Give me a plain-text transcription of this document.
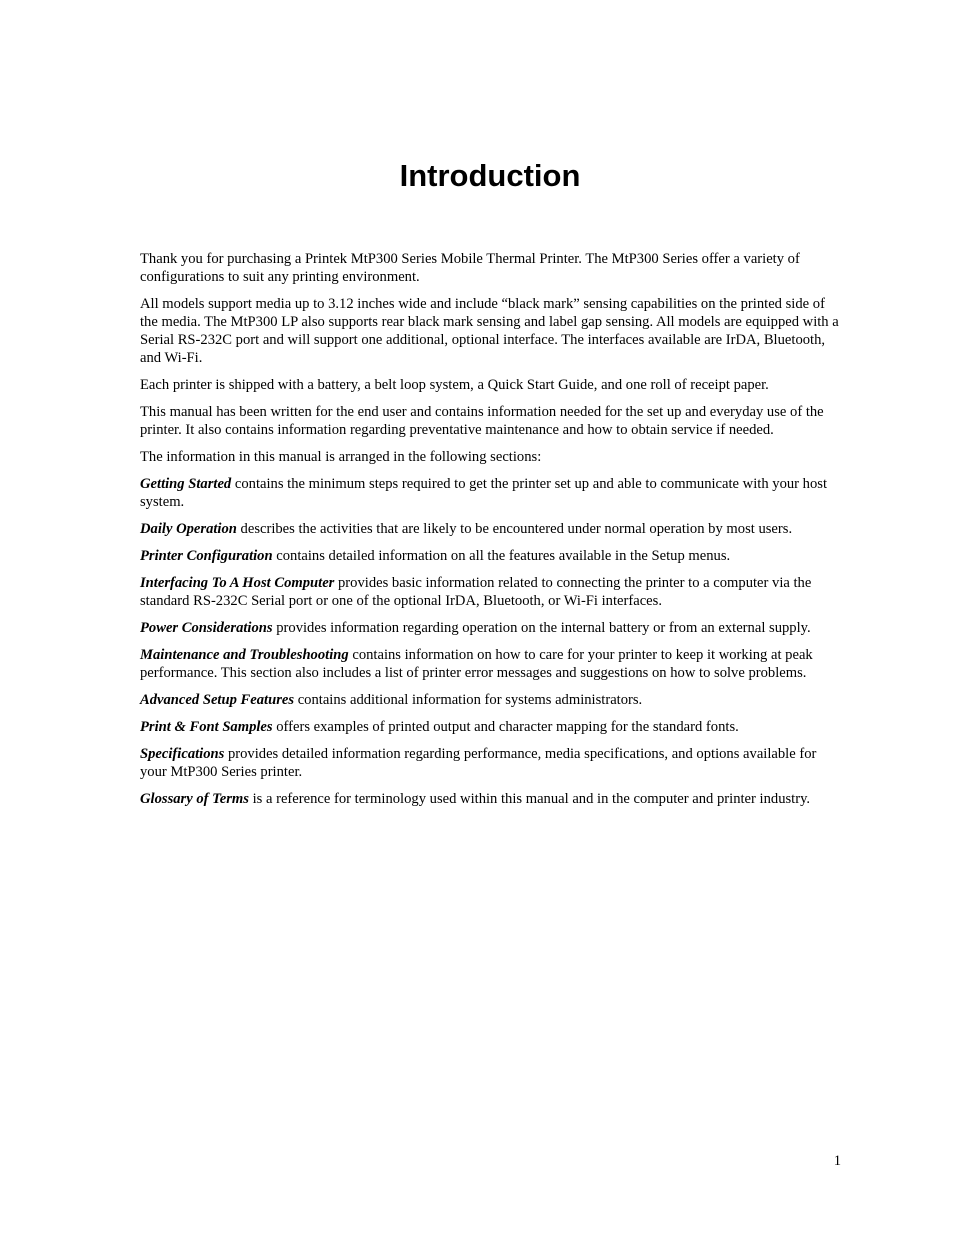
Introduction

Thank you for purchasing a Printek MtP300 Series Mobile Thermal Printer. The MtP300 Series offer a variety of configurations to suit any printing environment.

All models support media up to 3.12 inches wide and include “black mark” sensing capabilities on the printed side of the media. The MtP300 LP also supports rear black mark sensing and label gap sensing. All models are equipped with a Serial RS-232C port and will support one additional, optional interface. The interfaces available are IrDA, Bluetooth, and Wi-Fi.

Each printer is shipped with a battery, a belt loop system, a Quick Start Guide, and one roll of receipt paper.

This manual has been written for the end user and contains information needed for the set up and everyday use of the printer. It also contains information regarding preventative maintenance and how to obtain service if needed.

The information in this manual is arranged in the following sections:

Getting Started contains the minimum steps required to get the printer set up and able to communicate with your host system.

Daily Operation describes the activities that are likely to be encountered under normal operation by most users.

Printer Configuration contains detailed information on all the features available in the Setup menus.

Interfacing To A Host Computer provides basic information related to connecting the printer to a computer via the standard RS-232C Serial port or one of the optional IrDA, Bluetooth, or Wi-Fi interfaces.

Power Considerations provides information regarding operation on the internal battery or from an external supply.

Maintenance and Troubleshooting contains information on how to care for your printer to keep it working at peak performance. This section also includes a list of printer error messages and suggestions on how to solve problems.

Advanced Setup Features contains additional information for systems administrators.

Print & Font Samples offers examples of printed output and character mapping for the standard fonts.

Specifications provides detailed information regarding performance, media specifications, and options available for your MtP300 Series printer.

Glossary of Terms is a reference for terminology used within this manual and in the computer and printer industry.

1
